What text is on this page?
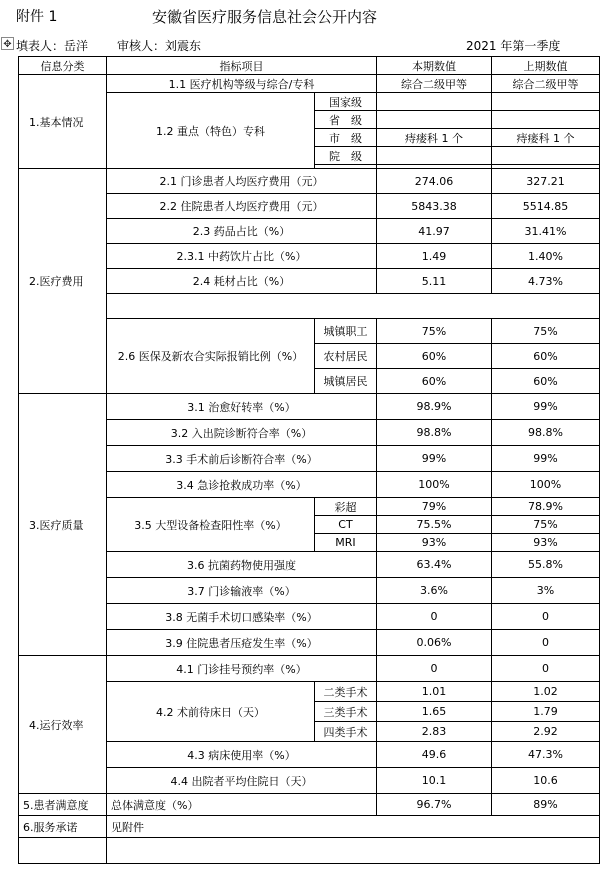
附件 1	安徽省医疗服务信息社会公开内容
✥ 填表人：岳洋 审核人：刘震东	2021 年第一季度
信息分类	指标项目		本期数值	上期数值
1.基本情况	1.1 医疗机构等级与综合/专科		综合二级甲等	综合二级甲等
	1.2 重点（特色）专科	国家级		
		省　级		
		市　级	痔瘘科 1 个	痔瘘科 1 个
		院　级		

2.医疗费用	2.1 门诊患者人均医疗费用（元）		274.06	327.21
	2.2 住院患者人均医疗费用（元）		5843.38	5514.85
	2.3 药品占比（%）		41.97	31.41%
	2.3.1 中药饮片占比（%）		1.49	1.40%
	2.4 耗材占比（%）		5.11	4.73%

	2.6 医保及新农合实际报销比例（%）	城镇职工	75%	75%
		农村居民	60%	60%
		城镇居民	60%	60%
3.医疗质量	3.1 治愈好转率（%）		98.9%	99%
	3.2 入出院诊断符合率（%）		98.8%	98.8%
	3.3 手术前后诊断符合率（%）		99%	99%
	3.4 急诊抢救成功率（%）		100%	100%
	3.5 大型设备检查阳性率（%）	彩超	79%	78.9%
		CT	75.5%	75%
		MRI	93%	93%
	3.6 抗菌药物使用强度		63.4%	55.8%
	3.7 门诊输液率（%）		3.6%	3%
	3.8 无菌手术切口感染率（%）		0	0
	3.9 住院患者压疮发生率（%）		0.06%	0
4.运行效率	4.1 门诊挂号预约率（%）		0	0
	4.2 术前待床日（天）	二类手术	1.01	1.02
		三类手术	1.65	1.79
		四类手术	2.83	2.92
	4.3 病床使用率（%）		49.6	47.3%
	4.4 出院者平均住院日（天）		10.1	10.6
5.患者满意度	总体满意度（%）		96.7%	89%
6.服务承诺	见附件			
